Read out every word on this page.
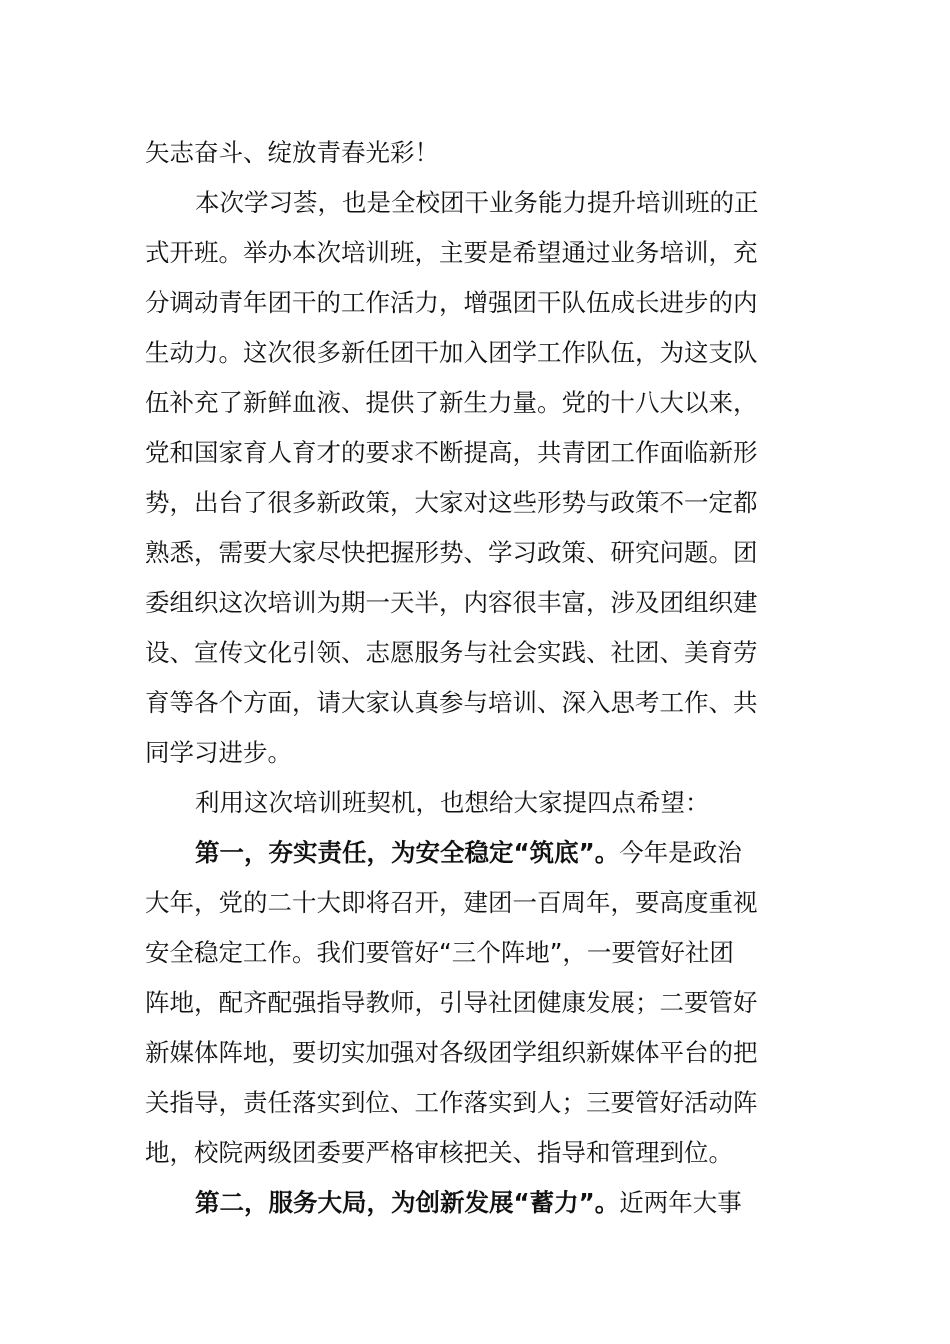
矢志奋斗、绽放青春光彩！
本次学习荟，也是全校团干业务能力提升培训班的正
式开班。举办本次培训班，主要是希望通过业务培训，充
分调动青年团干的工作活力，增强团干队伍成长进步的内
生动力。这次很多新任团干加入团学工作队伍，为这支队
伍补充了新鲜血液、提供了新生力量。党的十八大以来，
党和国家育人育才的要求不断提高，共青团工作面临新形
势，出台了很多新政策，大家对这些形势与政策不一定都
熟悉，需要大家尽快把握形势、学习政策、研究问题。团
委组织这次培训为期一天半，内容很丰富，涉及团组织建
设、宣传文化引领、志愿服务与社会实践、社团、美育劳
育等各个方面，请大家认真参与培训、深入思考工作、共
同学习进步。
利用这次培训班契机，也想给大家提四点希望：
第一，夯实责任，为安全稳定“筑底”。今年是政治
大年，党的二十大即将召开，建团一百周年，要高度重视
安全稳定工作。我们要管好“三个阵地”，一要管好社团
阵地，配齐配强指导教师，引导社团健康发展；二要管好
新媒体阵地，要切实加强对各级团学组织新媒体平台的把
关指导，责任落实到位、工作落实到人；三要管好活动阵
地，校院两级团委要严格审核把关、指导和管理到位。
第二，服务大局，为创新发展“蓄力”。近两年大事
